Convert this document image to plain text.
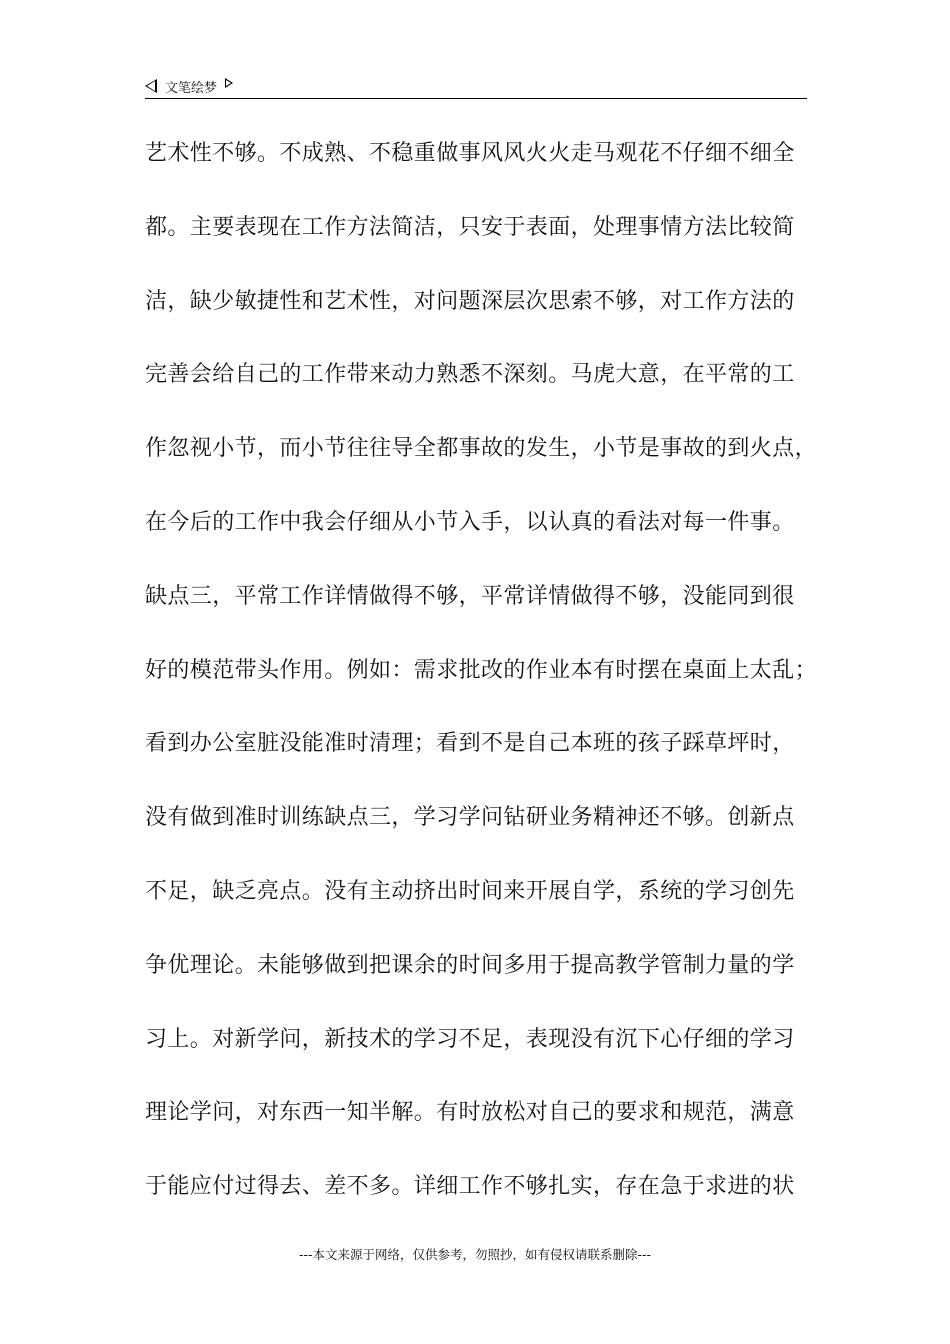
文笔绘梦
艺术性不够。不成熟、不稳重做事风风火火走马观花不仔细不细全
都。主要表现在工作方法简洁，只安于表面，处理事情方法比较简
洁，缺少敏捷性和艺术性，对问题深层次思索不够，对工作方法的
完善会给自己的工作带来动力熟悉不深刻。马虎大意，在平常的工
作忽视小节，而小节往往导全都事故的发生，小节是事故的到火点，
在今后的工作中我会仔细从小节入手，以认真的看法对每一件事。
缺点三，平常工作详情做得不够，平常详情做得不够，没能同到很
好的模范带头作用。例如：需求批改的作业本有时摆在桌面上太乱；
看到办公室脏没能准时清理；看到不是自己本班的孩子踩草坪时，
没有做到准时训练缺点三，学习学问钻研业务精神还不够。创新点
不足，缺乏亮点。没有主动挤出时间来开展自学，系统的学习创先
争优理论。未能够做到把课余的时间多用于提高教学管制力量的学
习上。对新学问，新技术的学习不足，表现没有沉下心仔细的学习
理论学问，对东西一知半解。有时放松对自己的要求和规范，满意
于能应付过得去、差不多。详细工作不够扎实，存在急于求进的状
---本文来源于网络，仅供参考，勿照抄，如有侵权请联系删除---
